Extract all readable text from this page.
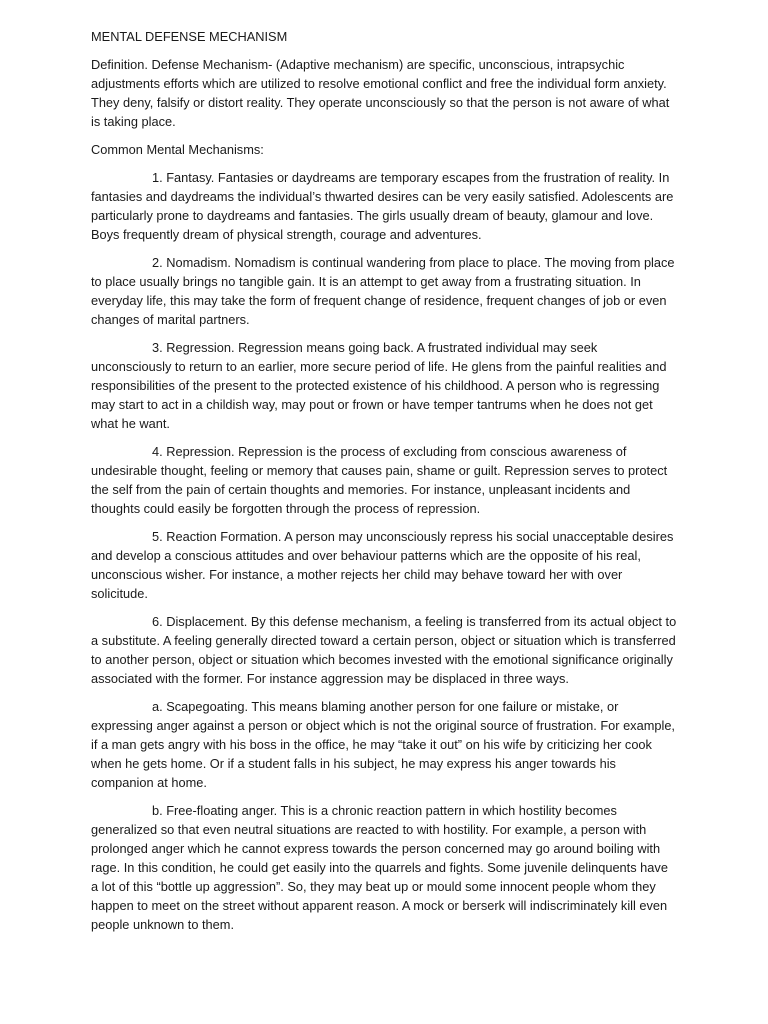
MENTAL DEFENSE MECHANISM

Definition. Defense Mechanism- (Adaptive mechanism) are specific, unconscious, intrapsychic adjustments efforts which are utilized to resolve emotional conflict and free the individual form anxiety. They deny, falsify or distort reality. They operate unconsciously so that the person is not aware of what is taking place.

Common Mental Mechanisms:

1. Fantasy. Fantasies or daydreams are temporary escapes from the frustration of reality. In fantasies and daydreams the individual’s thwarted desires can be very easily satisfied. Adolescents are particularly prone to daydreams and fantasies. The girls usually dream of beauty, glamour and love. Boys frequently dream of physical strength, courage and adventures.

2. Nomadism. Nomadism is continual wandering from place to place. The moving from place to place usually brings no tangible gain. It is an attempt to get away from a frustrating situation. In everyday life, this may take the form of frequent change of residence, frequent changes of job or even changes of marital partners.

3. Regression. Regression means going back. A frustrated individual may seek unconsciously to return to an earlier, more secure period of life. He glens from the painful realities and responsibilities of the present to the protected existence of his childhood. A person who is regressing may start to act in a childish way, may pout or frown or have temper tantrums when he does not get what he want.

4. Repression. Repression is the process of excluding from conscious awareness of undesirable thought, feeling or memory that causes pain, shame or guilt. Repression serves to protect the self from the pain of certain thoughts and memories. For instance, unpleasant incidents and thoughts could easily be forgotten through the process of repression.

5. Reaction Formation. A person may unconsciously repress his social unacceptable desires and develop a conscious attitudes and over behaviour patterns which are the opposite of his real, unconscious wisher. For instance, a mother rejects her child may behave toward her with over solicitude.

6. Displacement. By this defense mechanism, a feeling is transferred from its actual object to a substitute. A feeling generally directed toward a certain person, object or situation which is transferred to another person, object or situation which becomes invested with the emotional significance originally associated with the former. For instance aggression may be displaced in three ways.

a. Scapegoating. This means blaming another person for one failure or mistake, or expressing anger against a person or object which is not the original source of frustration. For example, if a man gets angry with his boss in the office, he may “take it out” on his wife by criticizing her cook when he gets home. Or if a student falls in his subject, he may express his anger towards his companion at home.

b. Free-floating anger. This is a chronic reaction pattern in which hostility becomes generalized so that even neutral situations are reacted to with hostility. For example, a person with prolonged anger which he cannot express towards the person concerned may go around boiling with rage. In this condition, he could get easily into the quarrels and fights. Some juvenile delinquents have a lot of this “bottle up aggression”. So, they may beat up or mould some innocent people whom they happen to meet on the street without apparent reason. A mock or berserk will indiscriminately kill even people unknown to them.
